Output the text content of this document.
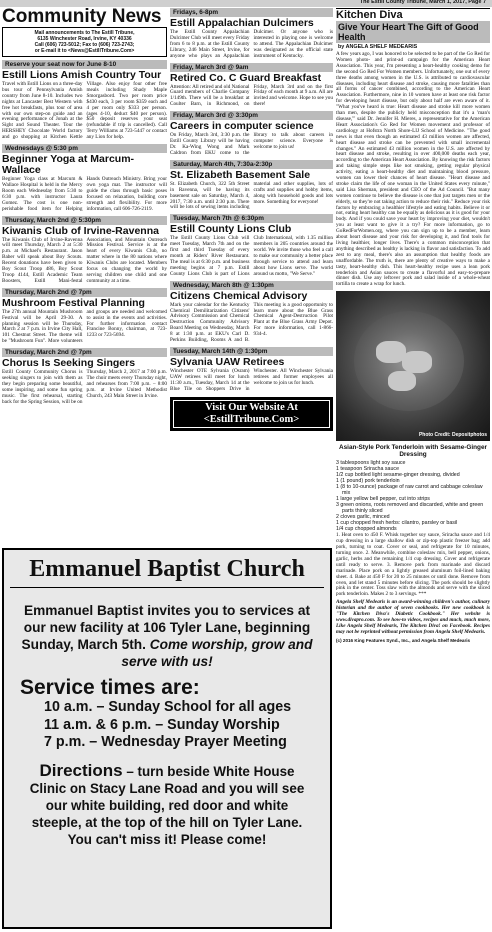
The Estill County Tribune, March 1, 2017, Page 7
Community News

Mail announcements to The Estill Tribune,

6135 Winchester Road, Irvine, KY 40336

Call (606) 723-5012; Fax to (606) 723-2743;

or E-mail it to <News@EstillTribune.Com>

Reserve your seat now for June 8-10
Estill Lions Amish Country Tour
Travel with Estill Lions on a three-day bus tour of Pennsylvania Amish country from June 8-10. Includes two nights at Lancaster Best Western with free hot breakfasts, plus tour of area with our own step-on guide and an evening performance of Jonah at the Sight and Sound Theater. Tour the HERSHEY Chocolate World factory and go shopping at Kitchen Kettle Village. Also enjoy four other free meals including Shady Maple Smorgasbord. Two per room price $430 each, 3 per room $359 each and 4 per room only $333 per person. (ages 4-10, deduct $40 per person). $50 deposit reserves your seat (refundable if trip is cancelled). Call Terry Williams at 723-5447 or contact any Lion for help.
Wednesdays @ 5:30 pm
Beginner Yoga at Marcum-Wallace
Beginner Yoga class at Marcum & Wallace Hospital is held in the Mercy Room each Wednesday from 5:30 to 6:30 p.m. with instructor Laura Gomez. The cost is one non-perishable food item for Helping Hands Outreach Ministry. Bring your own yoga mat. The instructor will guide the class through basic poses focused on relaxation, building core strength and flexibility. For more information, call 606-726-2119.
Thursday, March 2nd @ 5:30pm
Kiwanis Club of Irvine-Ravenna
The Kiwanis Club of Irvine-Ravenna will meet Thursday, March 2 at 5:30 p.m. at Michael's Restaurant. Jason Baber will speak about Boy Scouts. Recent donations have been given to Boy Scout Troop 486, Boy Scout Troop 4144, Estill Academic Team Boosters, Estill Mani-festal Association, and Mountain Outreach Mission Festival. Service is at the heart of every Kiwanis Club, no matter where in the 80 nations where Kiwanis Clubs are located. Members focus on changing the world by serving children one child and one community at a time.
Thursday, March 2nd @ 7pm
Mushroom Festival Planning
The 27th annual Mountain Mushroom Festival will be April 29-30. A planning session will be Thursday, March 2 at 7 p.m. in Irvine City Hall, 101 Chestnut Street. The theme will be "Mushroom Fun". More volunteers and groups are needed and welcomed to assist in the events and activities. For further information contact Francine Bonny, chairman, at 723-1233 or 723-5694.
Thursday, March 2nd @ 7pm
Chorus Is Seeking Singers
Estill County Community Chorus is seeking singers to join with them as they begin preparing some beautiful, some inspiring, and some fun spring music. The first rehearsal, starting back for the Spring Session, will be on Thursday, March 2, 2017 at 7:00 p.m. The choir meets every Thursday night, and rehearses from 7:00 p.m. – 8:00 p.m. at Irvine United Methodist Church, 243 Main Street in Irvine.
Fridays, 6-8pm
Estill Appalachian Dulcimers
The Estill County Appalachian Dulcimer Club will meet every Friday from 6 to 8 p.m. at the Estill County Library, 246 Main Street, Irvine, for anyone who plays an Appalachian Dulcimer. Or anyone who is interested in playing one is welcome to attend. The Appalachian Dulcimer was designated as the official state instrument of Kentucky.
Friday, March 3rd @ 9am
Retired Co. C Guard Breakfast
Attention: All retired and old National Guard members of Charlie Company 1/149th. There will be a breakfast at Coulter Barn, in Richmond, on Friday, March 3rd and on the first Friday of each month at 9 a.m. All are invited and welcome. Hope to see you there!
Friday, March 3rd @ 3:30pm
Careers in computer science
On Friday, March 3rd, 3:30 p.m. the Estill County Library will be having Dr. Ka-Wing Wong and Mark Caldron from EKU come to the library to talk about careers in computer science. Everyone is welcome to join us!
Saturday, March 4th, 7:30a-2:30p
St. Elizabeth Basement Sale
St. Elizabeth Church, 322 5th Street in Ravenna, will be having its basement sale on Saturday, March 4, 2017, 7:30 a.m. until 2:30 p.m. There will be lots of sewing items including material and other supplies, lots of crafts and supplies and hobby items, along with household goods and lots more. Something for everyone!
Tuesday, March 7th @ 6:30pm
Estill County Lions Club
The Estill County Lions Club will meet Tuesday, March 7th and on the first and third Tuesday of every month at Riders' River Restaurant. The meal is at 6:30 p.m. and business meeting begins at 7 p.m. Estill County Lions Club is part of Lions Club International, with 1.35 million members in 205 countries around the world. We invite those who feel a call to make our community a better place through service to attend and learn about how Lions serve. The world around us motto, "We Serve."
Wednesday, March 8th @ 1:30pm
Citizens Chemical Advisory
Mark your calendar for the Kentucky Chemical Demilitarization Citizens' Advisory Commission and Chemical Destruction Community Advisory Board Meeting on Wednesday, March 8 at 1:30 p.m. at EKU's Carl D. Perkins Building, Rooms A and B. This meeting is a good opportunity to learn more about the Blue Grass Chemical Agent-Destruction Pilot Plant at the Blue Grass Army Depot. For more information, call 1-866-934-4.
Tuesday, March 14th @ 1:30pm
Sylvania UAW Retirees
Winchester OTE Sylvania (Osram) UAW retirees will meet for lunch 11:30 a.m., Tuesday, March 14 at the Blue Tile on Shoppers Drive in Winchester. All Winchester Sylvania retirees and former employees all welcome to join us for lunch.
Visit Our Website At
<EstillTribune.Com>
Kitchen Diva
Give Your Heart The Gift of Good Health
by ANGELA SHELF MEDEARIS
A few years ago, I was honored to be selected to be part of the Go Red for Women photo- and print-ad campaign for the American Heart Association. This year, I'm presenting a heart-healthy cooking demo for the second Go Red For Women members. Unfortunately, one out of every three deaths among women in the U.S. is attributed to cardiovascular diseases, including heart disease and stroke, causing more fatalities than all forms of cancer combined, according to the American Heart Association. Furthermore, nine in 10 women have at least one risk factor for developing heart disease, but only about half are even aware of it. "What you've heard is true: Heart disease and stroke kill more women than men, despite the publicly held misconception that it's a 'man's disease,'" said Dr. Jennifer H. Mieres, a representative for the American Heart Association's Go Red for Women movement and professor of cardiology at Hofstra North Shore-LIJ School of Medicine. "The good news is that even though an estimated 43 million women are affected, heart disease and stroke can be prevented with small incremental changes." An estimated 43 million women in the U.S. are affected by heart disease and stroke, resulting in over 400,000 deaths each year, according to the American Heart Association. By knowing the risk factors and taking simple steps like not smoking, getting regular physical activity, eating a heart-healthy diet and maintaining blood pressure, women can lower their chances of heart disease. "Heart disease and stroke claim the life of one woman in the United States every minute," said Lisa Sherman, president and CEO of the Ad Council. "But many women continue to believe the disease is one that just targets men or the elderly, so they're not taking action to reduce their risk." Reduce your risk factors by embracing a healthier lifestyle and eating habits. Believe it or not, eating heart healthy can be equally as delicious as it is good for your body. And if you could save your heart by improving your diet, wouldn't you at least want to give it a try? For more information, go to GoRedForWomen.org, where you can sign up to be a member, learn about heart disease and your risk for developing it, and find tools for living healthier, longer lives. There's a common misconception that anything described as healthy is lacking in flavor and satisfaction. To add zest to any meal, there's also an assumption that healthy foods are unaffordable. The truth is, there are plenty of creative ways to make a tasty, heart-healthy dish. This heart-healthy recipe uses a lean pork tenderloin and Asian sauces to create a flavorful and easy-to-prepare dinner dish. Use any leftover pork and salad inside of a whole-wheat tortilla to create a wrap for lunch.
Photo Credit: Depositphotos
Asian-Style Pork Tenderloin with Sesame-Ginger Dressing
3 tablespoons light soy sauce
1 teaspoon Sriracha sauce
1/2 cup bottled light sesame-ginger dressing, divided
1 (1 pound) pork tenderloin
1 (8 to 10-ounce) package of raw carrot and cabbage coleslaw mix
1 large yellow bell pepper, cut into strips
3 green onions, roots removed and discarded, white and green parts thinly sliced
2 cloves garlic, minced
1 cup chopped fresh herbs: cilantro, parsley or basil
1/4 cup chopped almonds
1. Heat oven to 450 F. Whisk together soy sauce, Sriracha sauce and 1/4 cup dressing in a large shallow dish or zip-top plastic freezer bag; add pork, turning to coat. Cover or seal, and refrigerate for 10 minutes, turning once. 2. Meanwhile, combine coleslaw mix, bell pepper, onions, garlic, herbs and the remaining 1/4 cup dressing. Cover and refrigerate until ready to serve. 3. Remove pork from marinade and discard marinade. Place pork on a lightly greased aluminum foil-lined baking sheet. 4. Bake at 450 F for 20 to 25 minutes or until done. Remove from oven, and let stand 5 minutes before slicing. The pork should be slightly pink in the center. Toss slaw with the almonds and serve with the sliced pork tenderloin. Makes 2 to 3 servings. ***
Angela Shelf Medearis is an award-winning children's author, culinary historian and the author of seven cookbooks. Her new cookbook is "The Kitchen Diva's Diabetic Cookbook." Her website is www.divapro.com. To see how-to videos, recipes and much, much more, Like Angela Shelf Medearis, The Kitchen Diva! on Facebook. Recipes may not be reprinted without permission from Angela Shelf Medearis.
(c) 2016 King Features Synd., Inc., and Angela Shelf Medearis
Emmanuel Baptist Church
Emmanuel Baptist invites you to services at our new facility at 106 Tyler Lane, beginning Sunday, March 5th. Come worship, grow and serve with us!
Service times are:
10 a.m. – Sunday School for all ages
11 a.m. & 6 p.m. – Sunday Worship
7 p.m. – Wednesday Prayer Meeting
Directions – turn beside White House Clinic on Stacy Lane Road and you will see our white building, red door and white steeple, at the top of the hill on Tyler Lane. You can't miss it! Please come!
